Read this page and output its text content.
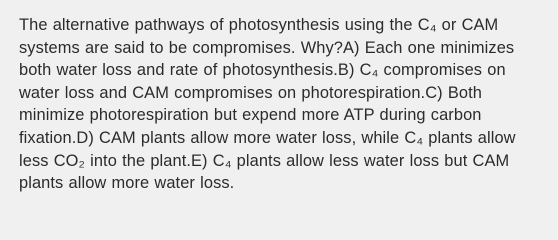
The alternative pathways of photosynthesis using the C₄ or CAM systems are said to be compromises. Why?A) Each one minimizes both water loss and rate of photosynthesis.B) C₄ compromises on water loss and CAM compromises on photorespiration.C) Both minimize photorespiration but expend more ATP during carbon fixation.D) CAM plants allow more water loss, while C₄ plants allow less CO₂ into the plant.E) C₄ plants allow less water loss but CAM plants allow more water loss.
